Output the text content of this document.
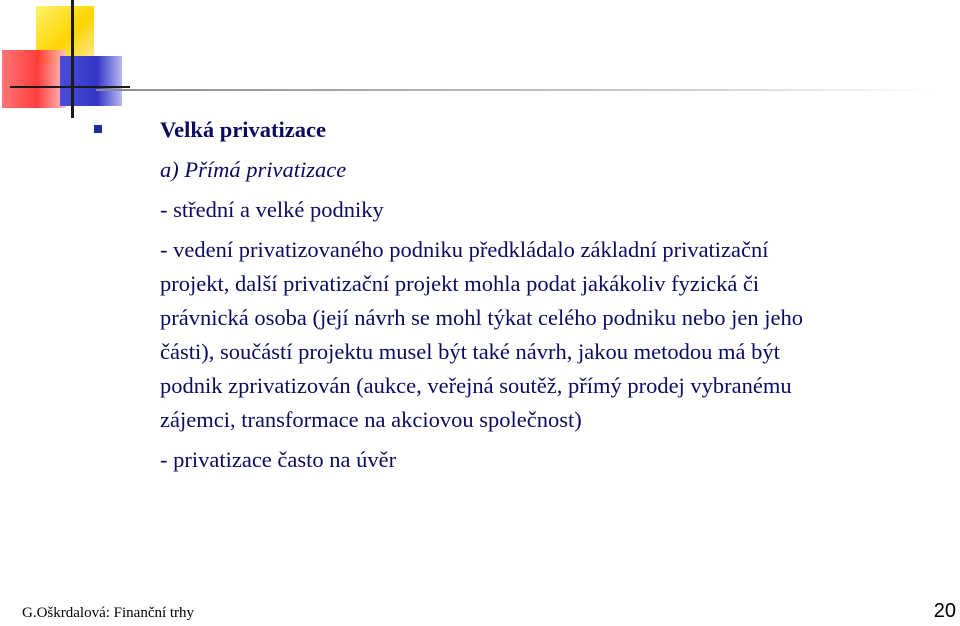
Velká privatizace

a) Přímá privatizace

- střední a velké podniky

- vedení privatizovaného podniku předkládalo základní privatizační

projekt, další privatizační projekt mohla podat jakákoliv fyzická či

právnická osoba (její návrh se mohl týkat celého podniku nebo jen jeho

části), součástí projektu musel být také návrh, jakou metodou má být

podnik zprivatizován (aukce, veřejná soutěž, přímý prodej vybranému

zájemci, transformace na akciovou společnost)

- privatizace často na úvěr

G.Oškrdalová: Finanční trhy	20
